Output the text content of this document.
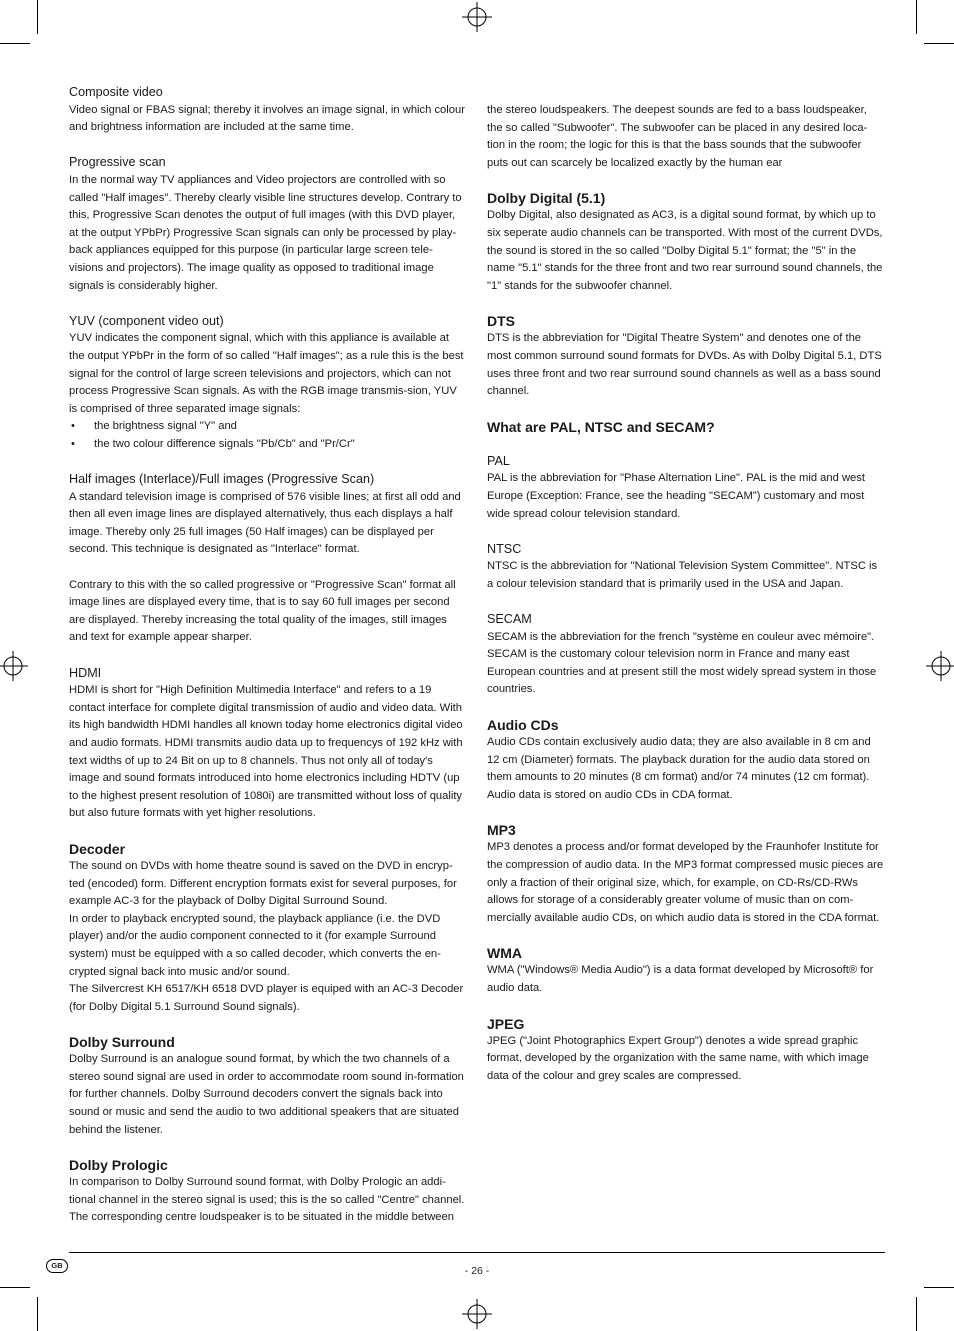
Composite video

Video signal or FBAS signal; thereby it involves an image signal, in which colour and brightness information are included at the same time.

Progressive scan

In the normal way TV appliances and Video projectors are controlled with so called "Half images". Thereby clearly visible line structures develop. Contrary to this, Progressive Scan denotes the output of full images (with this DVD player, at the output YPbPr) Progressive Scan signals can only be processed by play-back appliances equipped for this purpose (in particular large screen tele-visions and projectors). The image quality as opposed to traditional image signals is considerably higher.

YUV (component video out)

YUV indicates the component signal, which with this appliance is available at the output YPbPr in the form of so called "Half images"; as a rule this is the best signal for the control of large screen televisions and projectors, which can not process Progressive Scan signals. As with the RGB image transmis-sion, YUV is comprised of three separated image signals:

• the brightness signal "Y" and
• the two colour difference signals "Pb/Cb" and "Pr/Cr"
Half images (Interlace)/Full images (Progressive Scan)

A standard television image is comprised of 576 visible lines; at first all odd and then all even image lines are displayed alternatively, thus each displays a half image. Thereby only 25 full images (50 Half images) can be displayed per second. This technique is designated as "Interlace" format.

Contrary to this with the so called progressive or "Progressive Scan" format all image lines are displayed every time, that is to say 60 full images per second are displayed. Thereby increasing the total quality of the images, still images and text for example appear sharper.

HDMI

HDMI is short for "High Definition Multimedia Interface" and refers to a 19 contact interface for complete digital transmission of audio and video data. With its high bandwidth HDMI handles all known today home electronics digital video and audio formats. HDMI transmits audio data up to frequencys of 192 kHz with text widths of up to 24 Bit on up to 8 channels. Thus not only all of today's image and sound formats introduced into home electronics including HDTV (up to the highest present resolution of 1080i) are transmitted without loss of quality but also future formats with yet higher resolutions.

Decoder

The sound on DVDs with home theatre sound is saved on the DVD in encryp-ted (encoded) form. Different encryption formats exist for several purposes, for example AC-3 for the playback of Dolby Digital Surround Sound.

In order to playback encrypted sound, the playback appliance (i.e. the DVD player) and/or the audio component connected to it (for example Surround system) must be equipped with a so called decoder, which converts the en-crypted signal back into music and/or sound.

The Silvercrest KH 6517/KH 6518 DVD player is equiped with an AC-3 Decoder (for Dolby Digital 5.1 Surround Sound signals).

Dolby Surround

Dolby Surround is an analogue sound format, by which the two channels of a stereo sound signal are used in order to accommodate room sound in-formation for further channels. Dolby Surround decoders convert the signals back into sound or music and send the audio to two additional speakers that are situated behind the listener.

Dolby Prologic

In comparison to Dolby Surround sound format, with Dolby Prologic an addi-tional channel in the stereo signal is used; this is the so called "Centre" channel. The corresponding centre loudspeaker is to be situated in the middle between

the stereo loudspeakers. The deepest sounds are fed to a bass loudspeaker, the so called "Subwoofer". The subwoofer can be placed in any desired loca-tion in the room; the logic for this is that the bass sounds that the subwoofer puts out can scarcely be localized exactly by the human ear

Dolby Digital (5.1)

Dolby Digital, also designated as AC3, is a digital sound format, by which up to six seperate audio channels can be transported. With most of the current DVDs, the sound is stored in the so called "Dolby Digital 5.1" format; the "5" in the name "5.1" stands for the three front and two rear surround sound channels, the "1" stands for the subwoofer channel.

DTS

DTS is the abbreviation for "Digital Theatre System" and denotes one of the most common surround sound formats for DVDs. As with Dolby Digital 5.1, DTS uses three front and two rear surround sound channels as well as a bass sound channel.

What are PAL, NTSC and SECAM?
PAL

PAL is the abbreviation for "Phase Alternation Line". PAL is the mid and west Europe (Exception: France, see the heading "SECAM") customary and most wide spread colour television standard.

NTSC

NTSC is the abbreviation for "National Television System Committee". NTSC is a colour television standard that is primarily used in the USA and Japan.

SECAM

SECAM is the abbreviation for the french "système en couleur avec mémoire". SECAM is the customary colour television norm in France and many east European countries and at present still the most widely spread system in those countries.

Audio CDs

Audio CDs contain exclusively audio data; they are also available in 8 cm and 12 cm (Diameter) formats. The playback duration for the audio data stored on them amounts to 20 minutes (8 cm format) and/or 74 minutes (12 cm format). Audio data is stored on audio CDs in CDA format.

MP3

MP3 denotes a process and/or format developed by the Fraunhofer Institute for the compression of audio data. In the MP3 format compressed music pieces are only a fraction of their original size, which, for example, on CD-Rs/CD-RWs allows for storage of a considerably greater volume of music than on com-mercially available audio CDs, on which audio data is stored in the CDA format.

WMA

WMA ("Windows® Media Audio") is a data format developed by Microsoft® for audio data.

JPEG

JPEG ("Joint Photographics Expert Group") denotes a wide spread graphic format, developed by the organization with the same name, with which image data of the colour and grey scales are compressed.

GB	- 26 -
